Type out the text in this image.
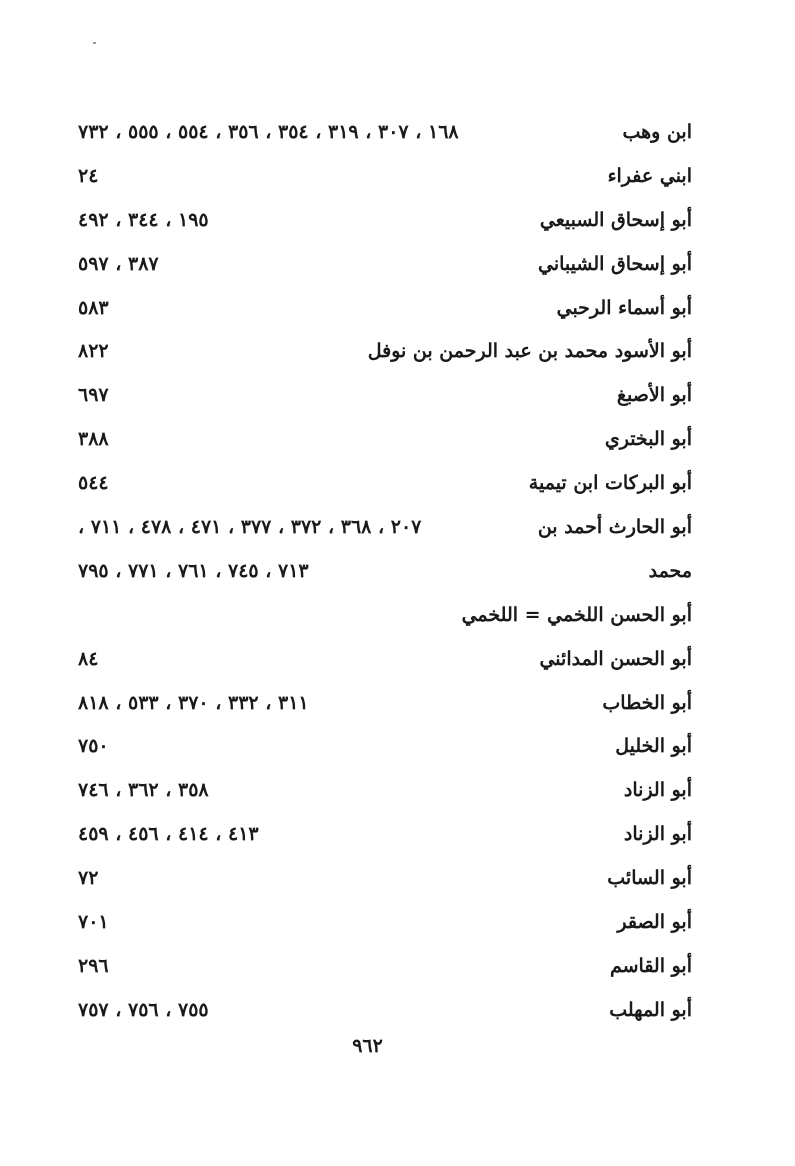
ابن وهب
١٦٨ ، ٣٠٧ ، ٣١٩ ، ٣٥٤ ، ٣٥٦ ، ٥٥٤ ، ٥٥٥ ، ٧٣٢
ابني عفراء
٢٤
أبو إسحاق السبيعي
١٩٥ ، ٣٤٤ ، ٤٩٢
أبو إسحاق الشيباني
٣٨٧ ، ٥٩٧
أبو أسماء الرحبي
٥٨٣
أبو الأسود محمد بن عبد الرحمن بن نوفل
٨٢٢
أبو الأصبغ
٦٩٧
أبو البختري
٣٨٨
أبو البركات ابن تيمية
٥٤٤
أبو الحارث أحمد بن
٢٠٧ ، ٣٦٨ ، ٣٧٢ ، ٣٧٧ ، ٤٧١ ، ٤٧٨ ، ٧١١ ،
محمد
٧١٣ ، ٧٤٥ ، ٧٦١ ، ٧٧١ ، ٧٩٥
أبو الحسن اللخمي = اللخمي
أبو الحسن المدائني
٨٤
أبو الخطاب
٣١١ ، ٣٣٢ ، ٣٧٠ ، ٥٣٣ ، ٨١٨
أبو الخليل
٧٥٠
أبو الزناد
٣٥٨ ، ٣٦٢ ، ٧٤٦
أبو الزناد
٤١٣ ، ٤١٤ ، ٤٥٦ ، ٤٥٩
أبو السائب
٧٢
أبو الصقر
٧٠١
أبو القاسم
٢٩٦
أبو المهلب
٧٥٥ ، ٧٥٦ ، ٧٥٧
٩٦٢
